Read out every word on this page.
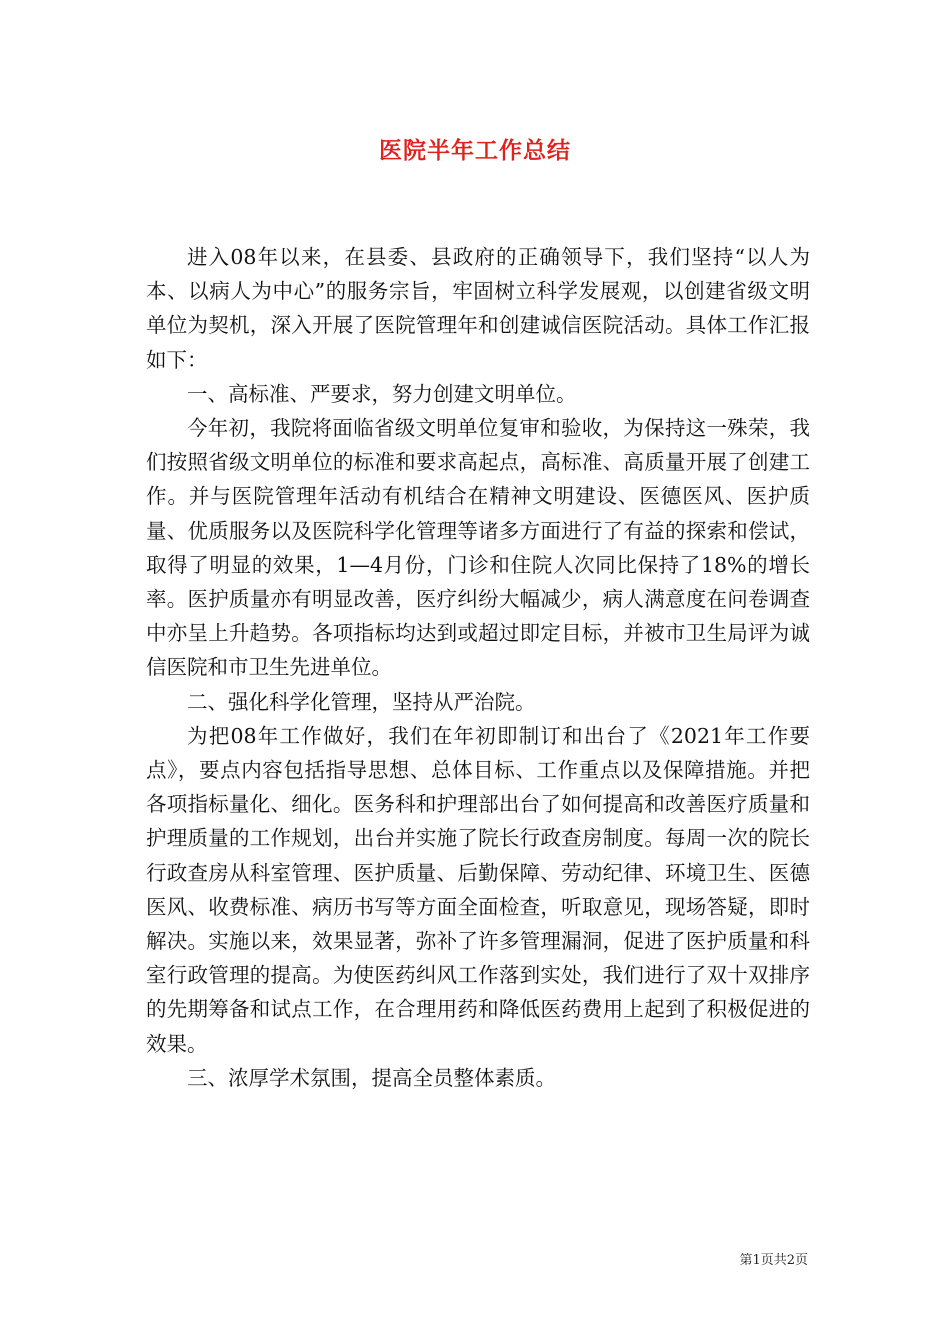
医院半年工作总结

进入08年以来，在县委、县政府的正确领导下，我们坚持“以人为本、以病人为中心”的服务宗旨，牢固树立科学发展观，以创建省级文明单位为契机，深入开展了医院管理年和创建诚信医院活动。具体工作汇报如下：

一、高标准、严要求，努力创建文明单位。

今年初，我院将面临省级文明单位复审和验收，为保持这一殊荣，我们按照省级文明单位的标准和要求高起点，高标准、高质量开展了创建工作。并与医院管理年活动有机结合在精神文明建设、医德医风、医护质量、优质服务以及医院科学化管理等诸多方面进行了有益的探索和偿试，取得了明显的效果，1—4月份，门诊和住院人次同比保持了18%的增长率。医护质量亦有明显改善，医疗纠纷大幅减少，病人满意度在问卷调查中亦呈上升趋势。各项指标均达到或超过即定目标，并被市卫生局评为诚信医院和市卫生先进单位。

二、强化科学化管理，坚持从严治院。

为把08年工作做好，我们在年初即制订和出台了《2021年工作要点》，要点内容包括指导思想、总体目标、工作重点以及保障措施。并把各项指标量化、细化。医务科和护理部出台了如何提高和改善医疗质量和护理质量的工作规划，出台并实施了院长行政查房制度。每周一次的院长行政查房从科室管理、医护质量、后勤保障、劳动纪律、环境卫生、医德医风、收费标准、病历书写等方面全面检查，听取意见，现场答疑，即时解决。实施以来，效果显著，弥补了许多管理漏洞，促进了医护质量和科室行政管理的提高。为使医药纠风工作落到实处，我们进行了双十双排序的先期筹备和试点工作，在合理用药和降低医药费用上起到了积极促进的效果。

三、浓厚学术氛围，提高全员整体素质。

第1页共2页
